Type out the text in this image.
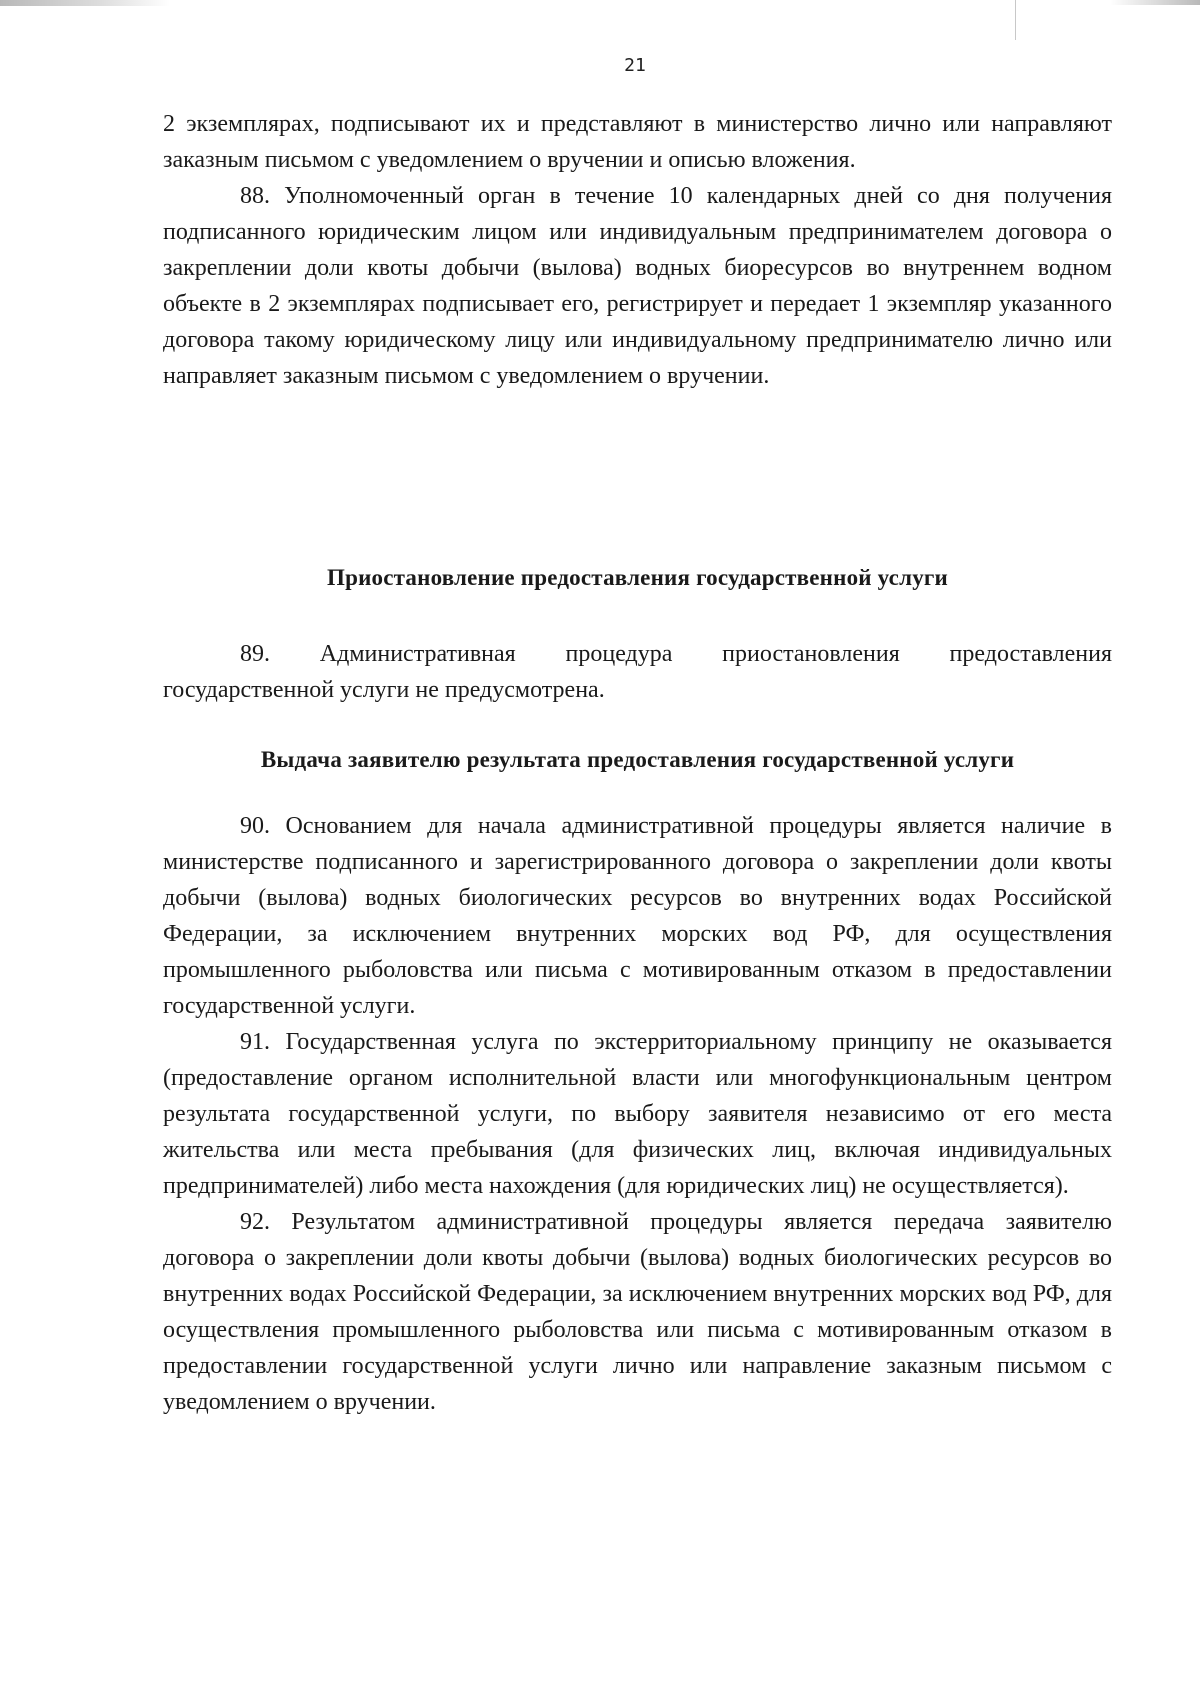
21

2 экземплярах, подписывают их и представляют в министерство лично или направляют заказным письмом с уведомлением о вручении и описью вложения.

88. Уполномоченный орган в течение 10 календарных дней со дня получения подписанного юридическим лицом или индивидуальным предпринимателем договора о закреплении доли квоты добычи (вылова) водных биоресурсов во внутреннем водном объекте в 2 экземплярах подписывает его, регистрирует и передает 1 экземпляр указанного договора такому юридическому лицу или индивидуальному предпринимателю лично или направляет заказным письмом с уведомлением о вручении.

Приостановление предоставления государственной услуги

89. Административная процедура приостановления предоставления государственной услуги не предусмотрена.

Выдача заявителю результата предоставления государственной услуги

90. Основанием для начала административной процедуры является наличие в министерстве подписанного и зарегистрированного договора о закреплении доли квоты добычи (вылова) водных биологических ресурсов во внутренних водах Российской Федерации, за исключением внутренних морских вод РФ, для осуществления промышленного рыболовства или письма с мотивированным отказом в предоставлении государственной услуги.

91. Государственная услуга по экстерриториальному принципу не оказывается (предоставление органом исполнительной власти или многофункциональным центром результата государственной услуги, по выбору заявителя независимо от его места жительства или места пребывания (для физических лиц, включая индивидуальных предпринимателей) либо места нахождения (для юридических лиц) не осуществляется).

92. Результатом административной процедуры является передача заявителю договора о закреплении доли квоты добычи (вылова) водных биологических ресурсов во внутренних водах Российской Федерации, за исключением внутренних морских вод РФ, для осуществления промышленного рыболовства или письма с мотивированным отказом в предоставлении государственной услуги лично или направление заказным письмом с уведомлением о вручении.
